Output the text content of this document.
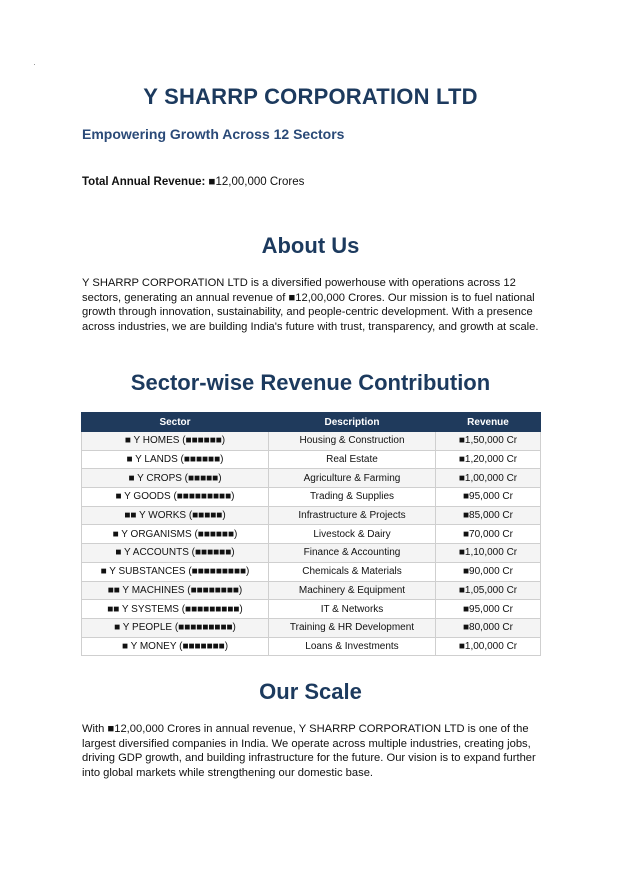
Y SHARRP CORPORATION LTD
Empowering Growth Across 12 Sectors
Total Annual Revenue: ■12,00,000 Crores
About Us
Y SHARRP CORPORATION LTD is a diversified powerhouse with operations across 12 sectors, generating an annual revenue of ■12,00,000 Crores. Our mission is to fuel national growth through innovation, sustainability, and people-centric development. With a presence across industries, we are building India's future with trust, transparency, and growth at scale.
Sector-wise Revenue Contribution
Sector	Description	Revenue
■ Y HOMES (■■■■■■)	Housing & Construction	■1,50,000 Cr
■ Y LANDS (■■■■■■)	Real Estate	■1,20,000 Cr
■ Y CROPS (■■■■■)	Agriculture & Farming	■1,00,000 Cr
■ Y GOODS (■■■■■■■■■)	Trading & Supplies	■95,000 Cr
■■ Y WORKS (■■■■■)	Infrastructure & Projects	■85,000 Cr
■ Y ORGANISMS (■■■■■■)	Livestock & Dairy	■70,000 Cr
■ Y ACCOUNTS (■■■■■■)	Finance & Accounting	■1,10,000 Cr
■ Y SUBSTANCES (■■■■■■■■■)	Chemicals & Materials	■90,000 Cr
■■ Y MACHINES (■■■■■■■■)	Machinery & Equipment	■1,05,000 Cr
■■ Y SYSTEMS (■■■■■■■■■)	IT & Networks	■95,000 Cr
■ Y PEOPLE (■■■■■■■■■)	Training & HR Development	■80,000 Cr
■ Y MONEY (■■■■■■■)	Loans & Investments	■1,00,000 Cr
Our Scale
With ■12,00,000 Crores in annual revenue, Y SHARRP CORPORATION LTD is one of the largest diversified companies in India. We operate across multiple industries, creating jobs, driving GDP growth, and building infrastructure for the future. Our vision is to expand further into global markets while strengthening our domestic base.
